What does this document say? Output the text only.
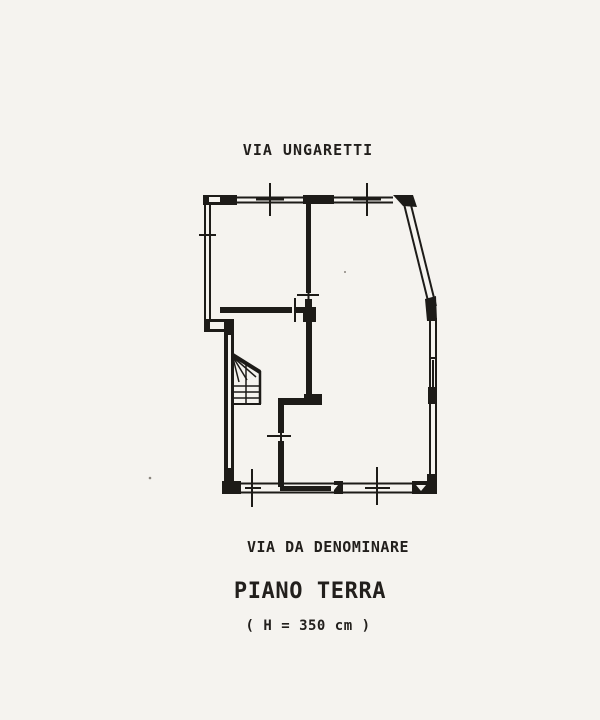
VIA UNGARETTI
VIA DA DENOMINARE
PIANO TERRA
( H = 350 cm )
